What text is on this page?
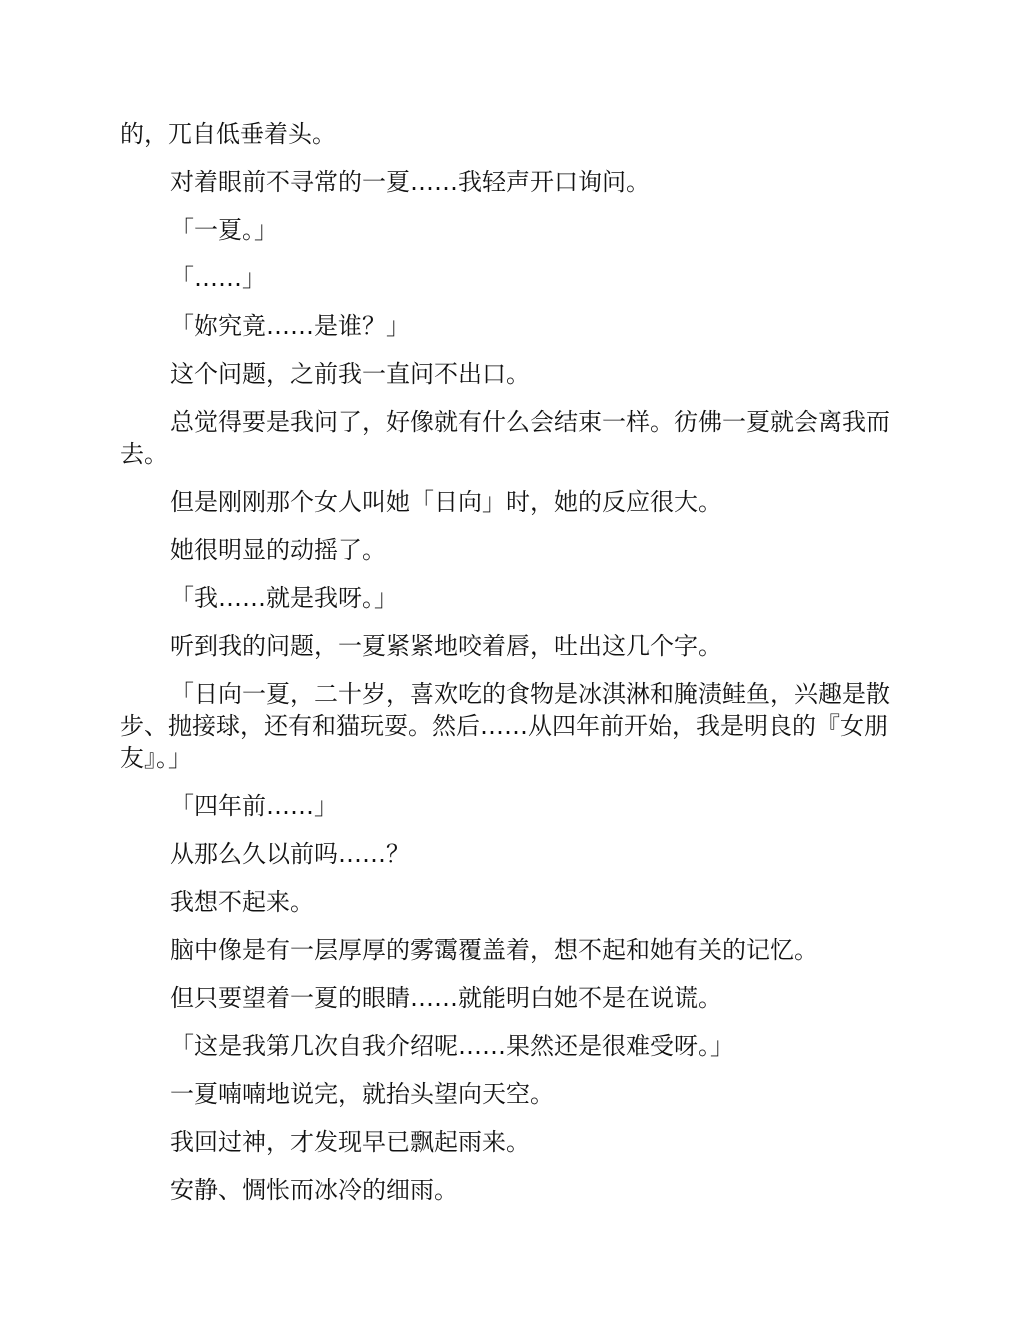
的，兀自低垂着头。

对着眼前不寻常的一夏……我轻声开口询问。

「一夏。」

「……」

「妳究竟……是谁？」

这个问题，之前我一直问不出口。

总觉得要是我问了，好像就有什么会结束一样。彷佛一夏就会离我而去。

但是刚刚那个女人叫她「日向」时，她的反应很大。

她很明显的动摇了。

「我……就是我呀。」

听到我的问题，一夏紧紧地咬着唇，吐出这几个字。

「日向一夏，二十岁，喜欢吃的食物是冰淇淋和腌渍鲑鱼，兴趣是散步、抛接球，还有和猫玩耍。然后……从四年前开始，我是明良的『女朋友』。」

「四年前……」

从那么久以前吗……？

我想不起来。

脑中像是有一层厚厚的雾霭覆盖着，想不起和她有关的记忆。

但只要望着一夏的眼睛……就能明白她不是在说谎。

「这是我第几次自我介绍呢……果然还是很难受呀。」

一夏喃喃地说完，就抬头望向天空。

我回过神，才发现早已飘起雨来。

安静、惆怅而冰冷的细雨。
